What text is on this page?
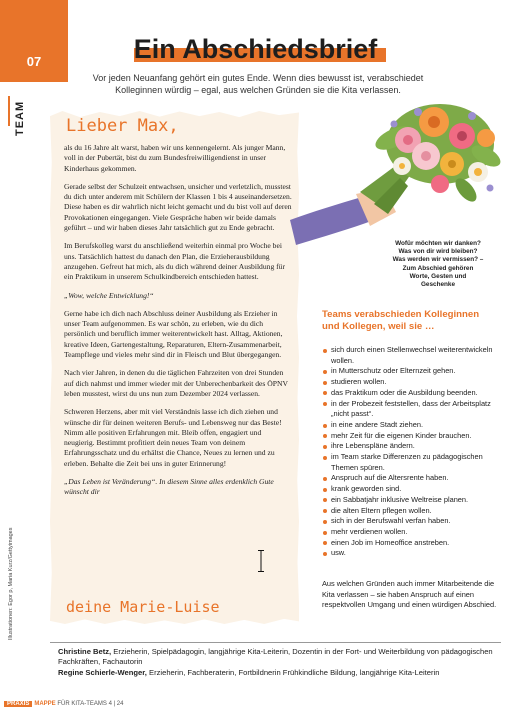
07
TEAM
Ein Abschiedsbrief
Vor jeden Neuanfang gehört ein gutes Ende. Wenn dies bewusst ist, verabschiedet Kolleginnen würdig – egal, aus welchen Gründen sie die Kita verlassen.
Lieber Max,

als du 16 Jahre alt warst, haben wir uns kennengelernt. Als junger Mann, voll in der Pubertät, bist du zum Bundesfreiwilligendienst in unser Kinderhaus gekommen.

Gerade selbst der Schulzeit entwachsen, unsicher und verletzlich, musstest du dich unter anderem mit Schülern der Klassen 1 bis 4 auseinandersetzen. Diese haben es dir wahrlich nicht leicht gemacht und du bist voll auf deren Provokationen eingegangen. Viele Gespräche haben wir beide damals geführt – und wir haben dieses Jahr tatsächlich gut zu Ende gebracht.

Im Berufskolleg warst du anschließend weiterhin einmal pro Woche bei uns. Tatsächlich hattest du danach den Plan, die Erzieherausbildung anzugehen. Gefreut hat mich, als du dich während deiner Ausbildung für ein Praktikum in unserem Schulkindbereich entschieden hattest.

„Wow, welche Entwicklung!“

Gerne habe ich dich nach Abschluss deiner Ausbildung als Erzieher in unser Team aufgenommen. Es war schön, zu erleben, wie du dich persönlich und beruflich immer weiterentwickelt hast. Alltag, Aktionen, kreative Ideen, Gartengestaltung, Reparaturen, Eltern-Zusammenarbeit, Teampflege und vieles mehr sind dir in Fleisch und Blut übergegangen.

Nach vier Jahren, in denen du die täglichen Fahrzeiten von drei Stunden auf dich nahmst und immer wieder mit der Unberechenbarkeit des ÖPNV leben musstest, wirst du uns nun zum Dezember 2024 verlassen.

Schweren Herzens, aber mit viel Verständnis lasse ich dich ziehen und wünsche dir für deinen weiteren Berufs- und Lebensweg nur das Beste! Nimm alle positiven Erfahrungen mit. Bleib offen, engagiert und neugierig. Bestimmt profitiert dein neues Team von deinem Erfahrungsschatz und du erhältst die Chance, Neues zu lernen und zu erleben. Behalte die Zeit bei uns in guter Erinnerung!

„Das Leben ist Veränderung“. In diesem Sinne alles erdenklich Gute wünscht dir

deine Marie-Luise
Wofür möchten wir danken? Was von dir wird bleiben? Was werden wir vermissen? – Zum Abschied gehören Worte, Gesten und Geschenke
Teams verabschieden Kolleginnen und Kollegen, weil sie …
sich durch einen Stellenwechsel weiterentwickeln wollen.
in Mutterschutz oder Elternzeit gehen.
studieren wollen.
das Praktikum oder die Ausbildung beenden.
in der Probezeit feststellen, dass der Arbeitsplatz „nicht passt“.
in eine andere Stadt ziehen.
mehr Zeit für die eigenen Kinder brauchen.
ihre Lebenspläne ändern.
im Team starke Differenzen zu pädagogischen Themen spüren.
Anspruch auf die Altersrente haben.
krank geworden sind.
ein Sabbatjahr inklusive Weltreise planen.
die alten Eltern pflegen wollen.
sich in der Berufswahl verfan haben.
mehr verdienen wollen.
einen Job im Homeoffice anstreben.
usw.
Aus welchen Gründen auch immer Mitarbeitende die Kita verlassen – sie haben Anspruch auf einen respektvollen Umgang und einen würdigen Abschied.
Illustrationen: Egor p, Maria Kurz/Gettyimages
Christine Betz, Erzieherin, Spielpädagogin, langjährige Kita-Leiterin, Dozentin in der Fort- und Weiterbildung von pädagogischen Fachkräften, Fachautorin
Regine Schierle-Wenger, Erzieherin, Fachberaterin, Fortbildnerin Frühkindliche Bildung, langjährige Kita-Leiterin
PRAXIS MAPPE FÜR KITA-TEAMS 4 | 24
